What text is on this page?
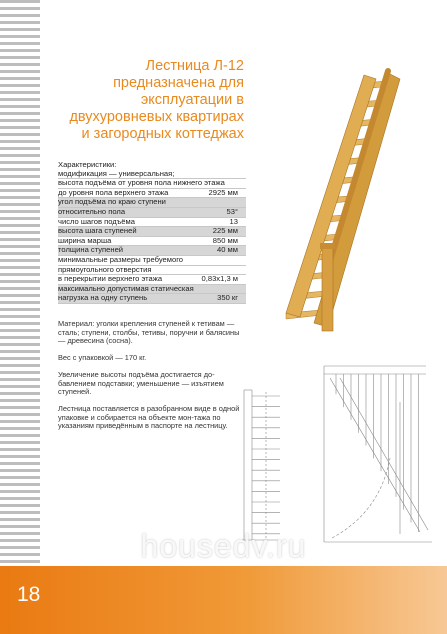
Лестница Л-12
предназначена для
эксплуатации в
двухуровневых квартирах
и загородных коттеджах
Характеристики:
модификация — универсальная;
высота подъёма от уровня пола нижнего этажа
до уровня пола верхнего этажа	2925 мм
угол подъёма по краю ступени
относительно пола	53°
число шагов подъёма	13
высота шага ступеней	225 мм
ширина марша	850 мм
толщина ступеней	40 мм
минимальные размеры требуемого
прямоугольного отверстия
в перекрытии верхнего этажа	0,83х1,3 м
максимально допустимая статическая
нагрузка на одну ступень	350 кг

Материал: уголки крепления ступеней к тетивам — сталь; ступени, столбы, тетивы, поручни и балясины — древесина (сосна).

Вес с упаковкой — 170 кг.

Увеличение высоты подъёма достигается до-бавлением подставки; уменьшение — изъятием ступеней.

Лестница поставляется в разобранном виде в одной упаковке и собирается на объекте мон-тажа по указаниям приведённым в паспорте на лестницу.

18
housedv.ru
